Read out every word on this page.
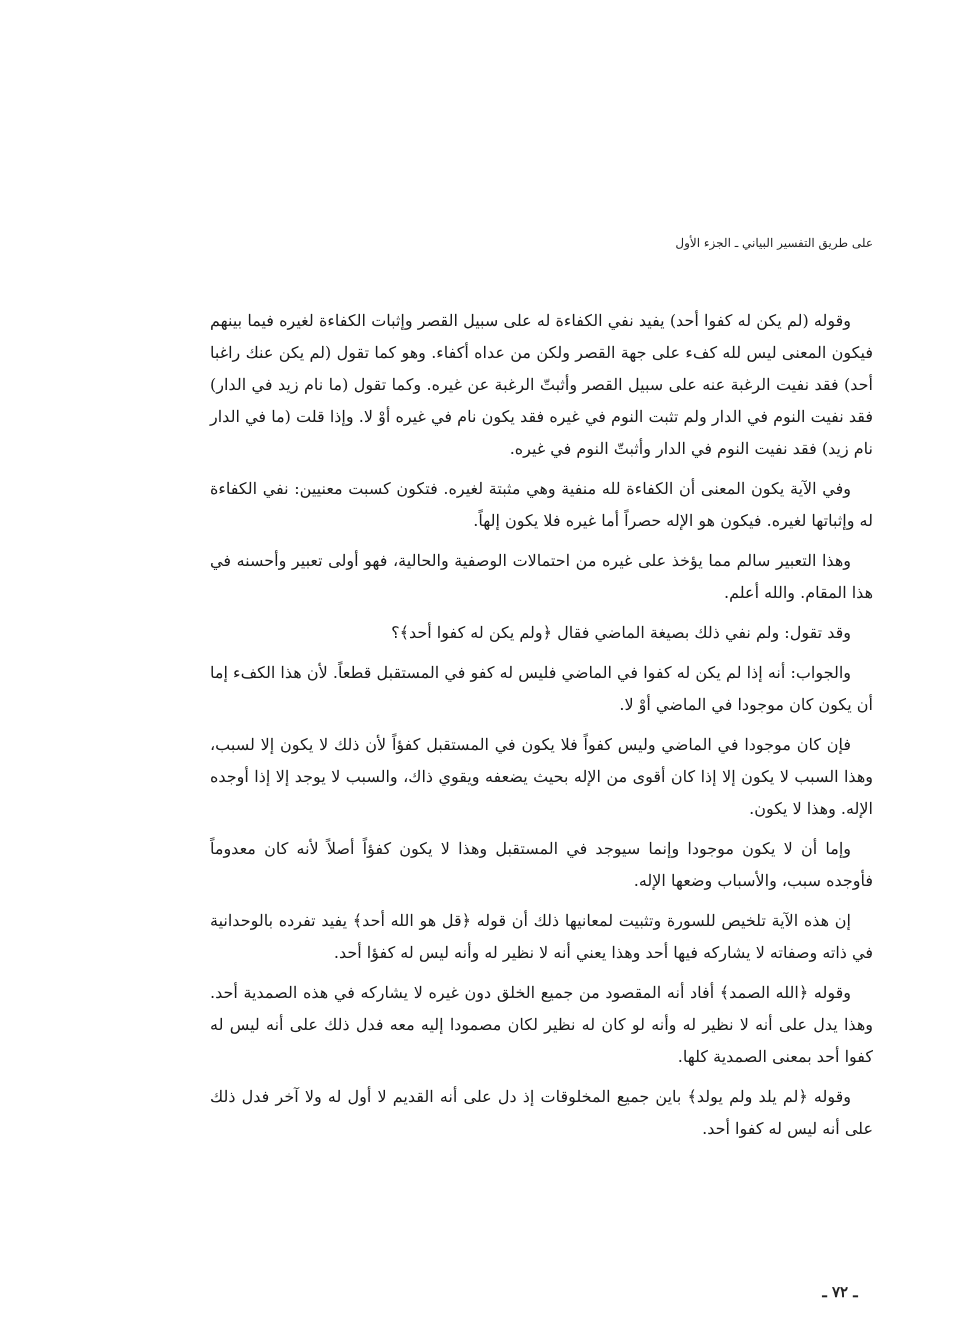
على طريق التفسير البياني ـ الجزء الأول

وقوله (لم يكن له كفوا أحد) يفيد نفي الكفاءة له على سبيل القصر وإثبات الكفاءة لغيره فيما بينهم فيكون المعنى ليس لله كفء على جهة القصر ولكن من عداه أكفاء. وهو كما تقول (لم يكن عنك راغبا أحد) فقد نفيت الرغبة عنه على سبيل القصر وأثبتّ الرغبة عن غيره. وكما تقول (ما نام زيد في الدار) فقد نفيت النوم في الدار ولم تثبت النوم في غيره فقد يكون نام في غيره أوْ لا. وإذا قلت (ما في الدار نام زيد) فقد نفيت النوم في الدار وأثبتّ النوم في غيره.

وفي الآية يكون المعنى أن الكفاءة لله منفية وهي مثبتة لغيره. فتكون كسبت معنيين: نفي الكفاءة له وإثباتها لغيره. فيكون هو الإله حصراً أما غيره فلا يكون إلهاً.

وهذا التعبير سالم مما يؤخذ على غيره من احتمالات الوصفية والحالية، فهو أولى تعبير وأحسنه في هذا المقام. والله أعلم.

وقد تقول: ولم نفي ذلك بصيغة الماضي فقال ﴿ولم يكن له كفوا أحد﴾؟

والجواب: أنه إذا لم يكن له كفوا في الماضي فليس له كفو في المستقبل قطعاً. لأن هذا الكفء إما أن يكون كان موجودا في الماضي أوْ لا.

فإن كان موجودا في الماضي وليس كفواً فلا يكون في المستقبل كفؤاً لأن ذلك لا يكون إلا لسبب، وهذا السبب لا يكون إلا إذا كان أقوى من الإله بحيث يضعفه ويقوي ذاك، والسبب لا يوجد إلا إذا أوجده الإله. وهذا لا يكون.

وإما أن لا يكون موجودا وإنما سيوجد في المستقبل وهذا لا يكون كفؤاً أصلاً لأنه كان معدوماً فأوجده سبب، والأسباب وضعها الإله.

إن هذه الآية تلخيص للسورة وتثبيت لمعانيها ذلك أن قوله ﴿قل هو الله أحد﴾ يفيد تفرده بالوحدانية في ذاته وصفاته لا يشاركه فيها أحد وهذا يعني أنه لا نظير له وأنه ليس له كفؤا أحد.

وقوله ﴿الله الصمد﴾ أفاد أنه المقصود من جميع الخلق دون غيره لا يشاركه في هذه الصمدية أحد. وهذا يدل على أنه لا نظير له وأنه لو كان له نظير لكان مصمودا إليه معه فدل ذلك على أنه ليس له كفوا أحد بمعنى الصمدية كلها.

وقوله ﴿لم يلد ولم يولد﴾ باين جميع المخلوقات إذ دل على أنه القديم لا أول له ولا آخر فدل ذلك على أنه ليس له كفوا أحد.

ـ ٧٢ ـ
